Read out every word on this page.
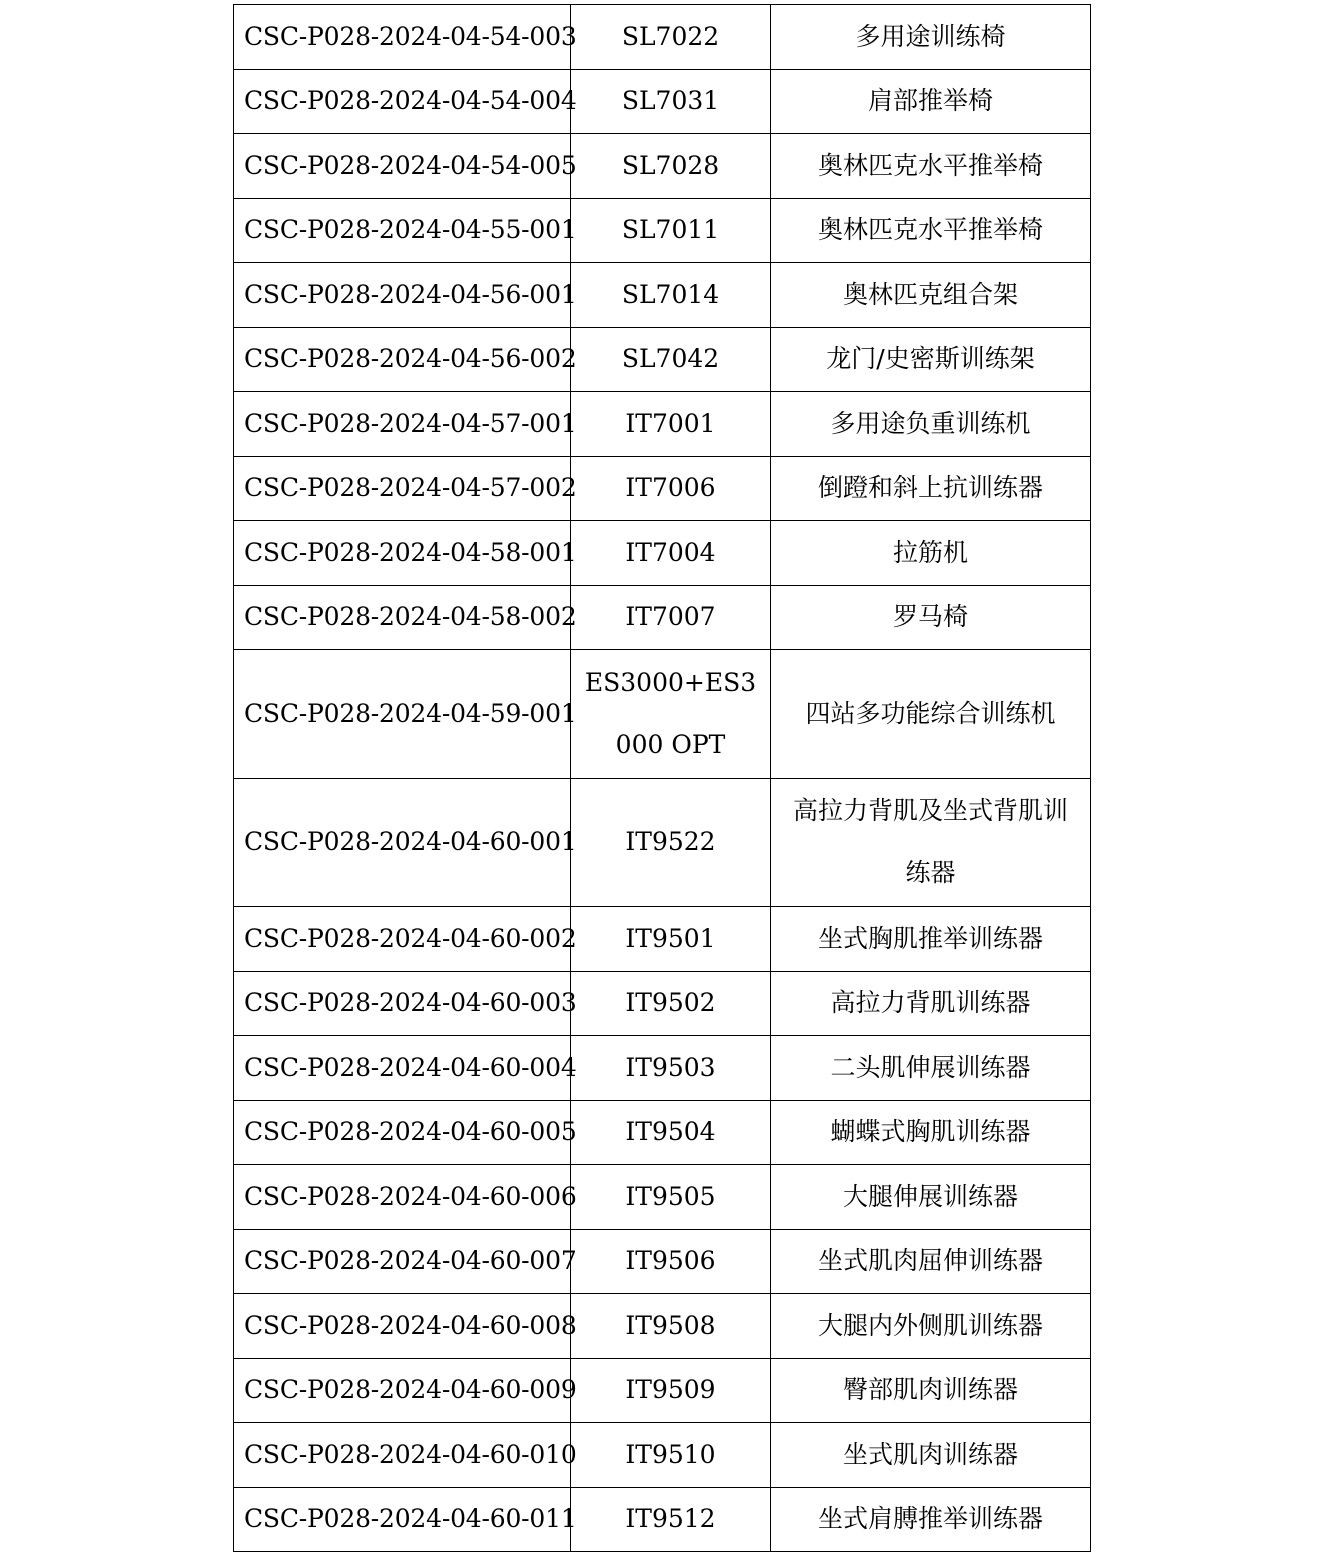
CSC-P028-2024-04-54-003	SL7022	多用途训练椅
CSC-P028-2024-04-54-004	SL7031	肩部推举椅
CSC-P028-2024-04-54-005	SL7028	奥林匹克水平推举椅
CSC-P028-2024-04-55-001	SL7011	奥林匹克水平推举椅
CSC-P028-2024-04-56-001	SL7014	奥林匹克组合架
CSC-P028-2024-04-56-002	SL7042	龙门/史密斯训练架
CSC-P028-2024-04-57-001	IT7001	多用途负重训练机
CSC-P028-2024-04-57-002	IT7006	倒蹬和斜上抗训练器
CSC-P028-2024-04-58-001	IT7004	拉筋机
CSC-P028-2024-04-58-002	IT7007	罗马椅
CSC-P028-2024-04-59-001	ES3000+ES3000 OPT	四站多功能综合训练机
CSC-P028-2024-04-60-001	IT9522	高拉力背肌及坐式背肌训练器
CSC-P028-2024-04-60-002	IT9501	坐式胸肌推举训练器
CSC-P028-2024-04-60-003	IT9502	高拉力背肌训练器
CSC-P028-2024-04-60-004	IT9503	二头肌伸展训练器
CSC-P028-2024-04-60-005	IT9504	蝴蝶式胸肌训练器
CSC-P028-2024-04-60-006	IT9505	大腿伸展训练器
CSC-P028-2024-04-60-007	IT9506	坐式肌肉屈伸训练器
CSC-P028-2024-04-60-008	IT9508	大腿内外侧肌训练器
CSC-P028-2024-04-60-009	IT9509	臀部肌肉训练器
CSC-P028-2024-04-60-010	IT9510	坐式肌肉训练器
CSC-P028-2024-04-60-011	IT9512	坐式肩膊推举训练器
